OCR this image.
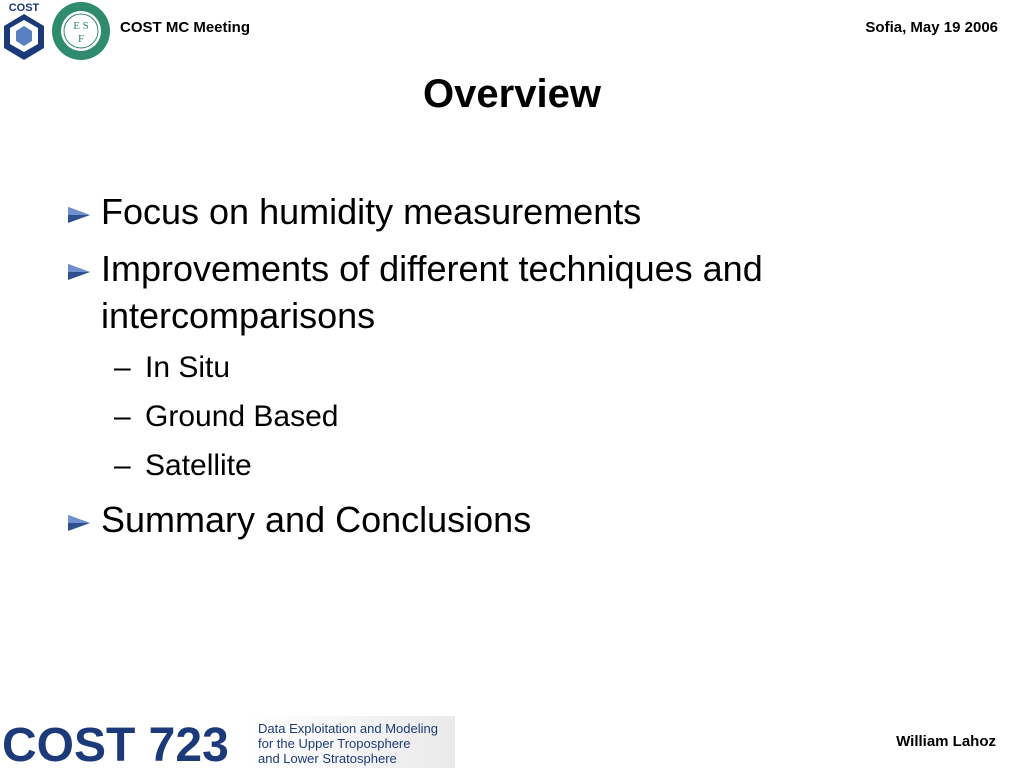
COST
E S
F
COST MC Meeting	Sofia, May 19 2006
Overview
Focus on humidity measurements
Improvements of different techniques and intercomparisons
– In Situ
– Ground Based
– Satellite
Summary and Conclusions
COST 723 Data Exploitation and Modeling
for the Upper Troposphere
and Lower Stratosphere
William Lahoz
